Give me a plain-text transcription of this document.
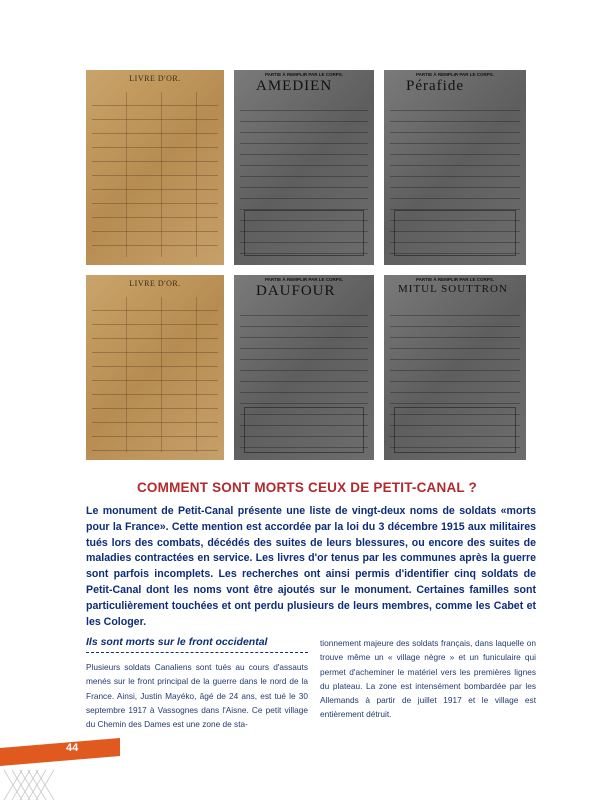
LIVRE D'OR.	PARTIE À REMPLIR PAR LE CORPS.
AMEDIEN
PARTIE À REMPLIR PAR LE CORPS.
Pérafide
LIVRE D'OR.	PARTIE À REMPLIR PAR LE CORPS.
DAUFOUR
PARTIE À REMPLIR PAR LE CORPS.
MITUL SOUTTRON
COMMENT SONT MORTS CEUX DE PETIT-CANAL ?

Le monument de Petit-Canal présente une liste de vingt-deux noms de soldats «morts pour la France». Cette mention est accordée par la loi du 3 décembre 1915 aux militaires tués lors des combats, décédés des suites de leurs blessures, ou encore des suites de maladies contractées en service. Les livres d'or tenus par les communes après la guerre sont parfois incomplets. Les recherches ont ainsi permis d'identifier cinq soldats de Petit-Canal dont les noms vont être ajoutés sur le monument. Certaines familles sont particulièrement touchées et ont perdu plusieurs de leurs membres, comme les Cabet et les Cologer.

Ils sont morts sur le front occidental

Plusieurs soldats Canaliens sont tués au cours d'assauts menés sur le front principal de la guerre dans le nord de la France. Ainsi, Justin Mayéko, âgé de 24 ans, est tué le 30 septembre 1917 à Vassognes dans l'Aisne. Ce petit village du Chemin des Dames est une zone de sta-

tionnement majeure des soldats français, dans laquelle on trouve même un « village nègre » et un funiculaire qui permet d'acheminer le matériel vers les premières lignes du plateau. La zone est intensément bombardée par les Allemands à partir de juillet 1917 et le village est entièrement détruit.

44
